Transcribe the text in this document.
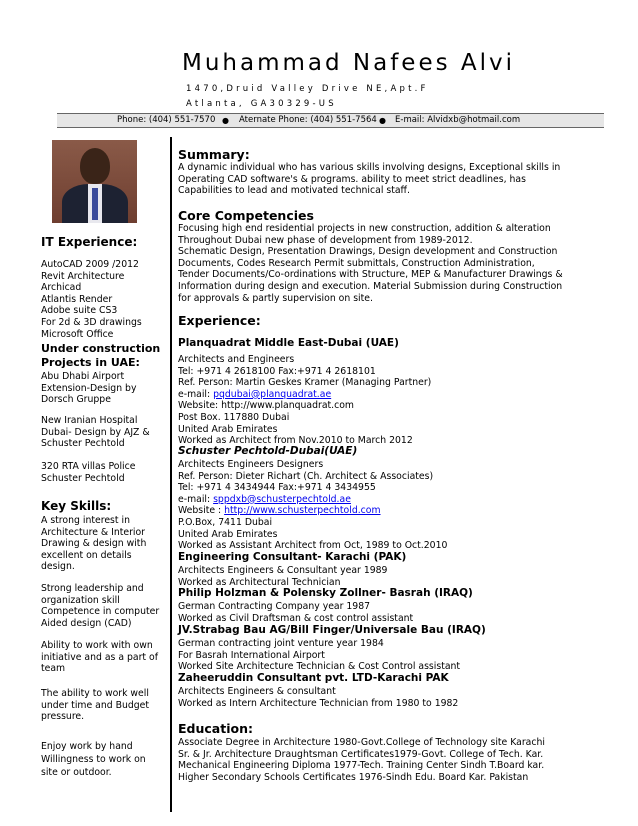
Muhammad Nafees Alvi
1470,Druid Valley Drive NE,Apt.F
Atlanta, GA30329-US
Phone: (404) 551-7570 ● Aternate Phone: (404) 551-7564 ● E-mail: Alvidxb@hotmail.com
IT Experience:
AutoCAD 2009 /2012
Revit Architecture
Archicad
Atlantis Render
Adobe suite CS3
For 2d & 3D drawings
Microsoft Office
Under construction
Projects in UAE:
Abu Dhabi Airport
Extension-Design by
Dorsch Gruppe
New Iranian Hospital
Dubai- Design by AJZ &
Schuster Pechtold
320 RTA villas Police
Schuster Pechtold
Key Skills:
A strong interest in
Architecture & Interior
Drawing & design with
excellent on details
design.
Strong leadership and
organization skill
Competence in computer
Aided design (CAD)
Ability to work with own
initiative and as a part of
team
The ability to work well
under time and Budget
pressure.
Enjoy work by hand
Willingness to work on
site or outdoor.
Summary:
A dynamic individual who has various skills involving designs, Exceptional skills in
Operating CAD software's & programs. ability to meet strict deadlines, has
Capabilities to lead and motivated technical staff.
Core Competencies
Focusing high end residential projects in new construction, addition & alteration
Throughout Dubai new phase of development from 1989-2012.
Schematic Design, Presentation Drawings, Design development and Construction
Documents, Codes Research Permit submittals, Construction Administration,
Tender Documents/Co-ordinations with Structure, MEP & Manufacturer Drawings &
Information during design and execution. Material Submission during Construction
for approvals & partly supervision on site.
Experience:
Planquadrat Middle East-Dubai (UAE)
Architects and Engineers
Tel: +971 4 2618100 Fax:+971 4 2618101
Ref. Person: Martin Geskes Kramer (Managing Partner)
e-mail: pqdubai@planquadrat.ae
Website: http://www.planquadrat.com
Post Box. 117880 Dubai
United Arab Emirates
Worked as Architect from Nov.2010 to March 2012
Schuster Pechtold-Dubai(UAE)
Architects Engineers Designers
Ref. Person: Dieter Richart (Ch. Architect & Associates)
Tel: +971 4 3434944 Fax:+971 4 3434955
e-mail: sppdxb@schusterpechtold.ae
Website : http://www.schusterpechtold.com
P.O.Box, 7411 Dubai
United Arab Emirates
Worked as Assistant Architect from Oct, 1989 to Oct.2010
Engineering Consultant- Karachi (PAK)
Architects Engineers & Consultant year 1989
Worked as Architectural Technician
Philip Holzman & Polensky Zollner- Basrah (IRAQ)
German Contracting Company year 1987
Worked as Civil Draftsman & cost control assistant
JV.Strabag Bau AG/Bill Finger/Universale Bau (IRAQ)
German contracting joint venture year 1984
For Basrah International Airport
Worked Site Architecture Technician & Cost Control assistant
Zaheeruddin Consultant pvt. LTD-Karachi PAK
Architects Engineers & consultant
Worked as Intern Architecture Technician from 1980 to 1982
Education:
Associate Degree in Architecture 1980-Govt.College of Technology site Karachi
Sr. & Jr. Architecture Draughtsman Certificates1979-Govt. College of Tech. Kar.
Mechanical Engineering Diploma 1977-Tech. Training Center Sindh T.Board kar.
Higher Secondary Schools Certificates 1976-Sindh Edu. Board Kar. Pakistan
